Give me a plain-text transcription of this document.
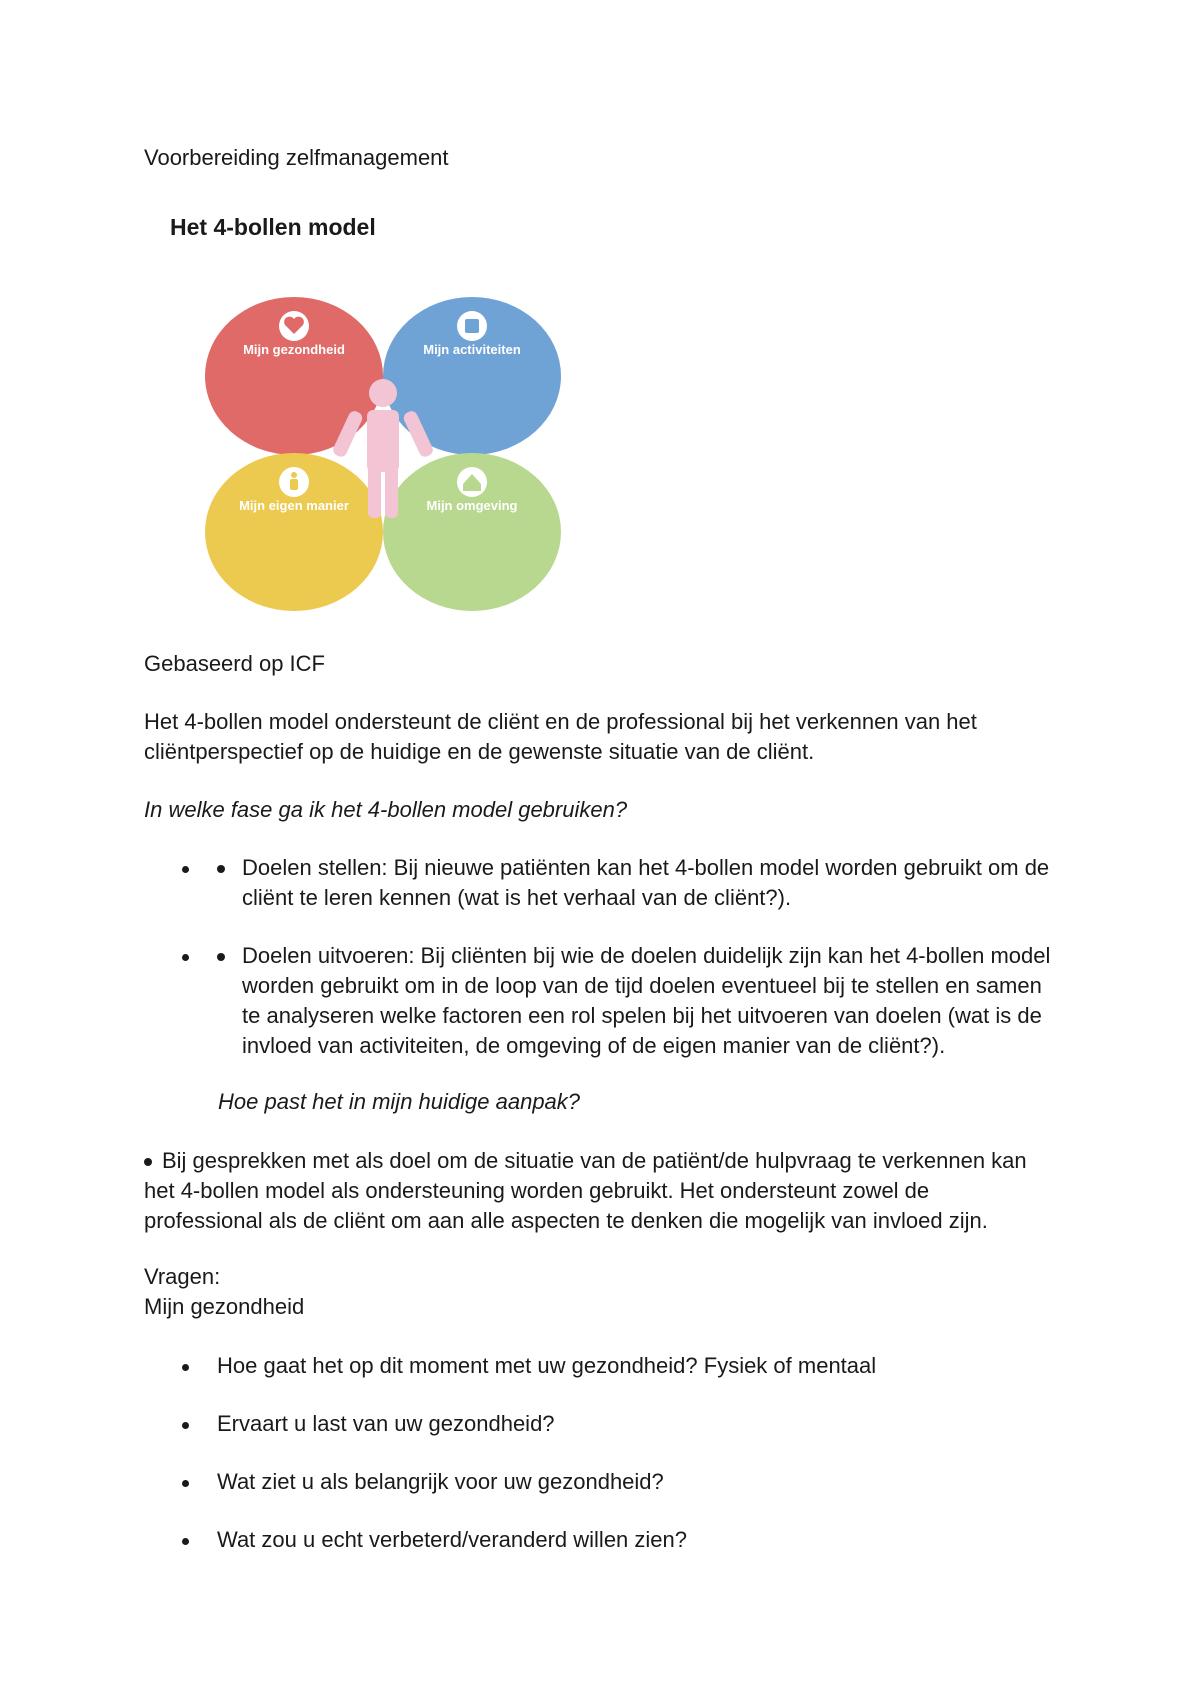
Voorbereiding zelfmanagement
Het 4-bollen model
Mijn gezondheid	Mijn activiteiten
Mijn eigen manier	Mijn omgeving
Gebaseerd op ICF
Het 4-bollen model ondersteunt de cliënt en de professional bij het verkennen van het cliëntperspectief op de huidige en de gewenste situatie van de cliënt.
In welke fase ga ik het 4-bollen model gebruiken?
Doelen stellen: Bij nieuwe patiënten kan het 4-bollen model worden gebruikt om de cliënt te leren kennen (wat is het verhaal van de cliënt?).
Doelen uitvoeren: Bij cliënten bij wie de doelen duidelijk zijn kan het 4-bollen model worden gebruikt om in de loop van de tijd doelen eventueel bij te stellen en samen te analyseren welke factoren een rol spelen bij het uitvoeren van doelen (wat is de invloed van activiteiten, de omgeving of de eigen manier van de cliënt?).
Hoe past het in mijn huidige aanpak?
Bij gesprekken met als doel om de situatie van de patiënt/de hulpvraag te verkennen kan het 4-bollen model als ondersteuning worden gebruikt. Het ondersteunt zowel de professional als de cliënt om aan alle aspecten te denken die mogelijk van invloed zijn.
Vragen:
Mijn gezondheid
Hoe gaat het op dit moment met uw gezondheid? Fysiek of mentaal
Ervaart u last van uw gezondheid?
Wat ziet u als belangrijk voor uw gezondheid?
Wat zou u echt verbeterd/veranderd willen zien?
